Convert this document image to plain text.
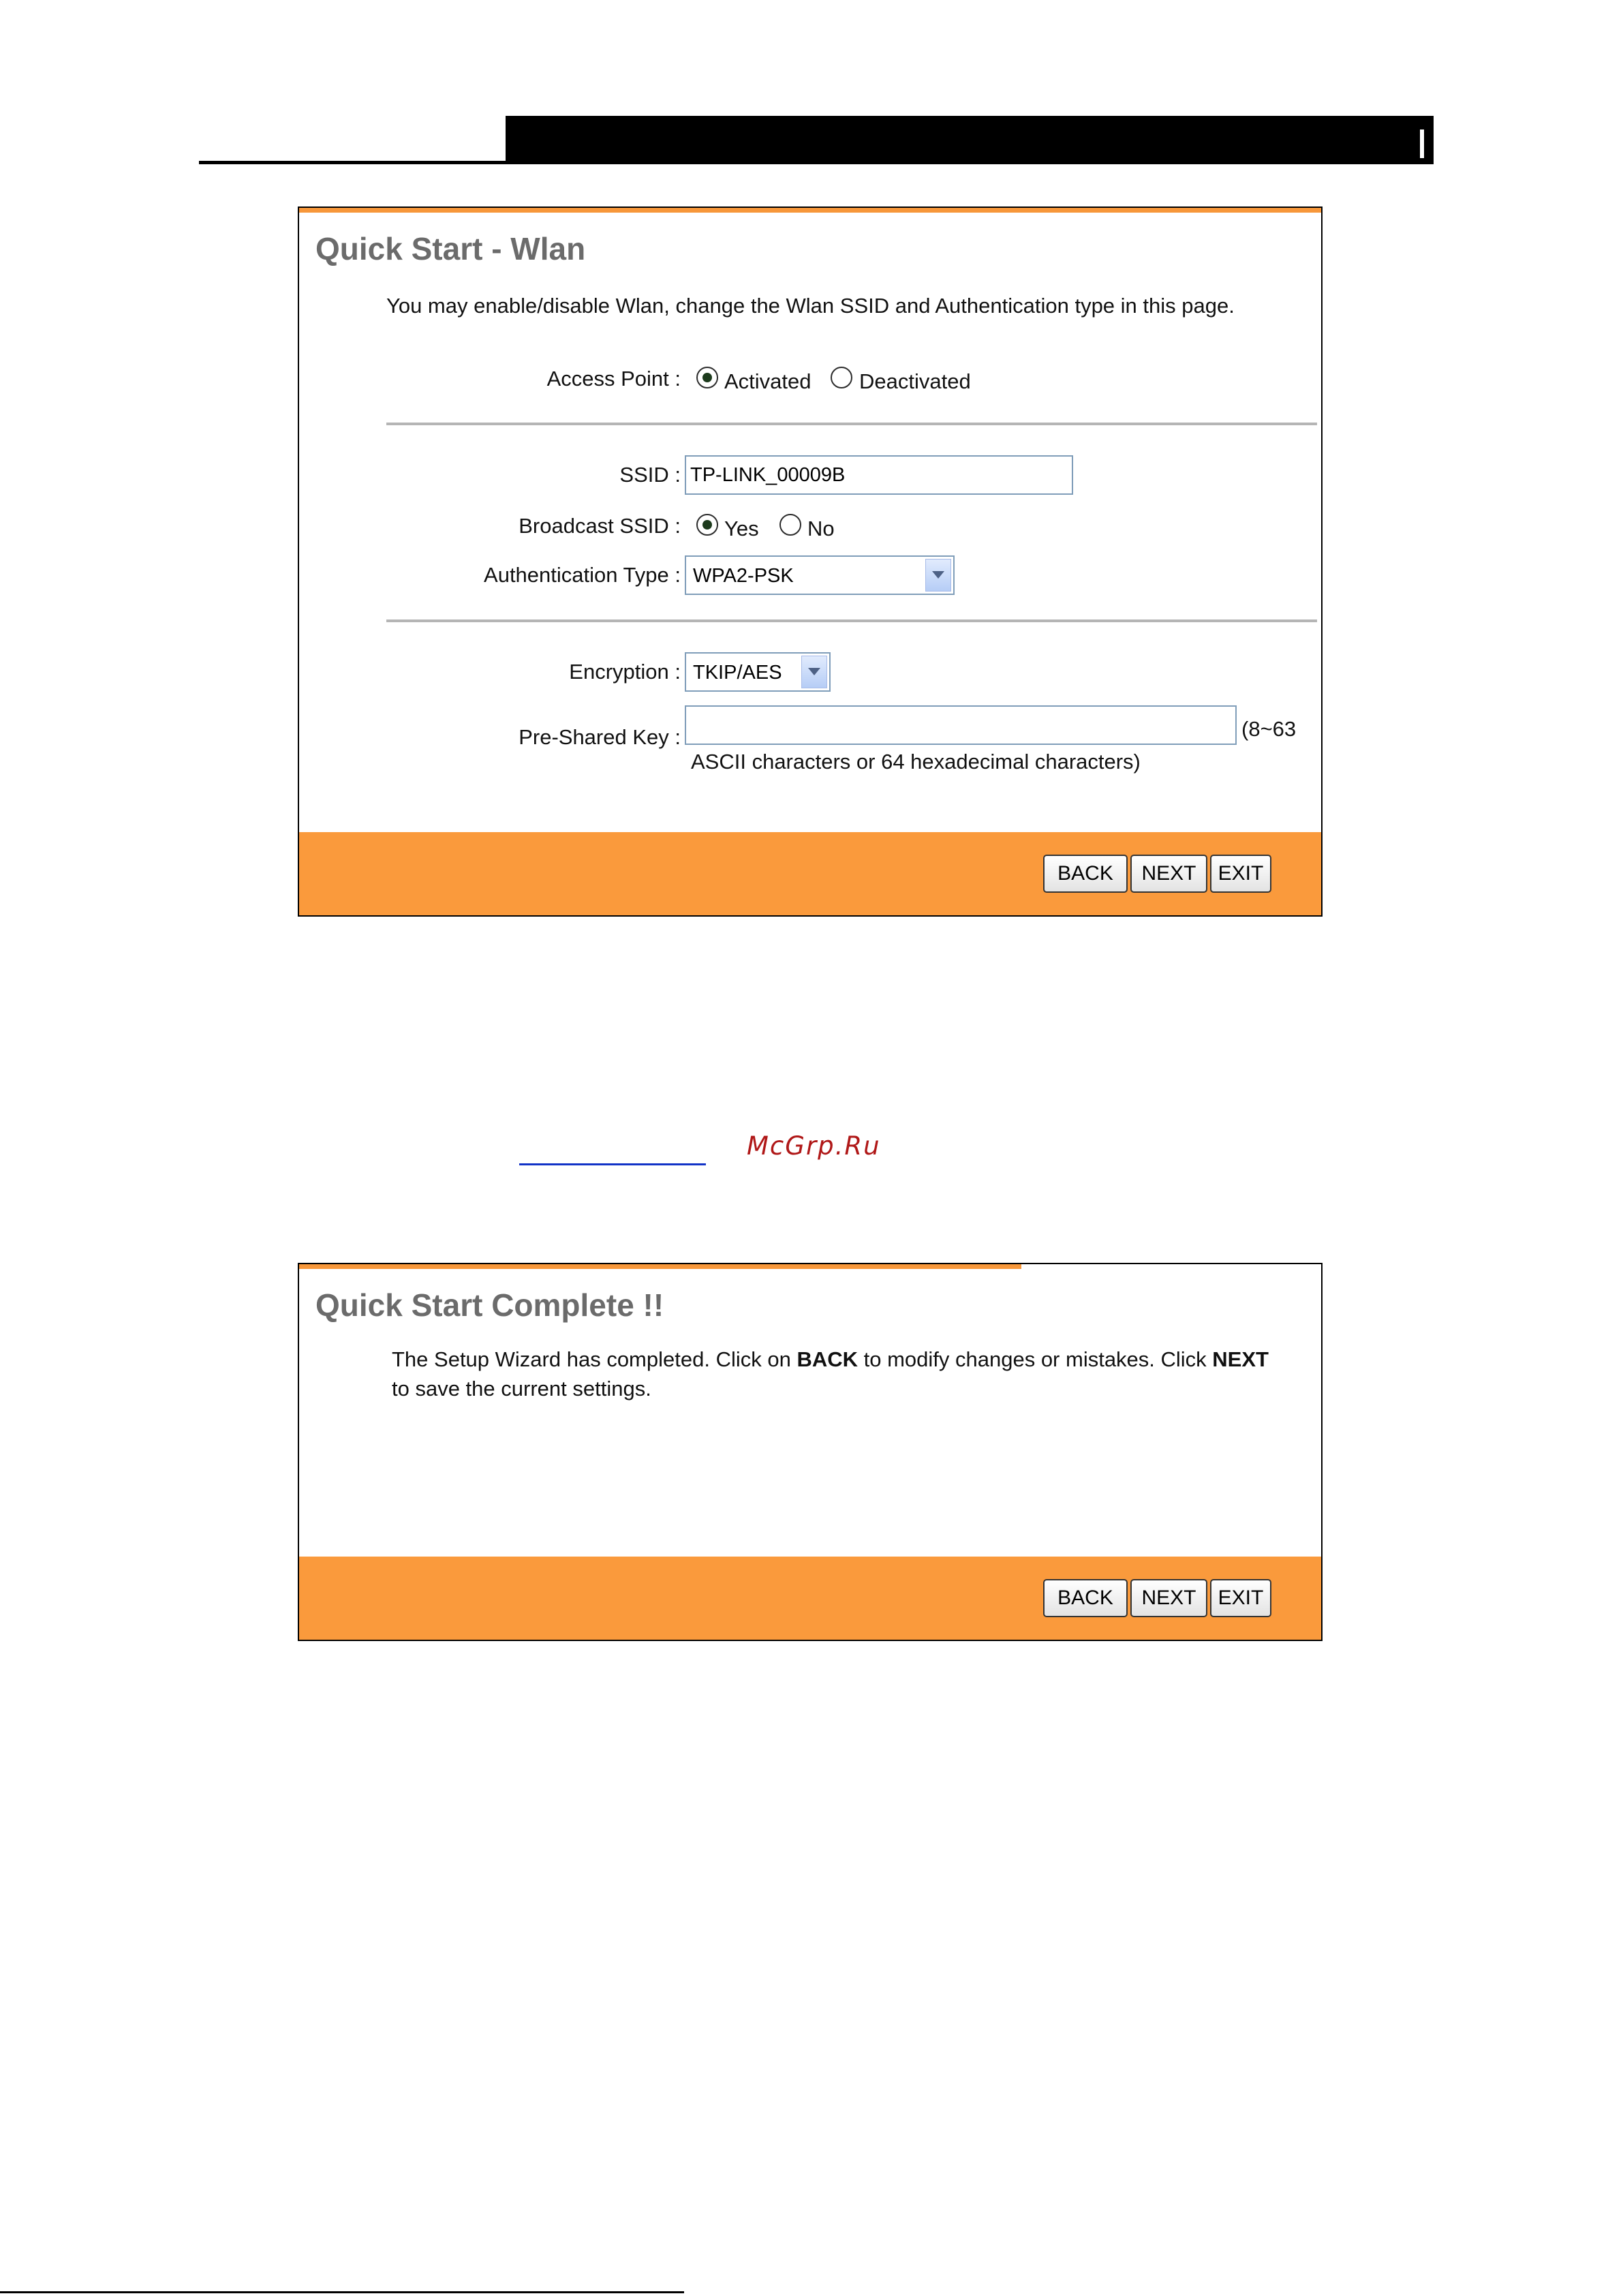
Quick Start - Wlan
You may enable/disable Wlan, change the Wlan SSID and Authentication type in this page.
Access Point : Activated Deactivated
SSID :
TP-LINK_00009B
Broadcast SSID : Yes No
Authentication Type : WPA2-PSK
Encryption : TKIP/AES
Pre-Shared Key :	(8~63
ASCII characters or 64 hexadecimal characters)
BACK	NEXT	EXIT
McGrp.Ru
Quick Start Complete !!
The Setup Wizard has completed. Click on BACK to modify changes or mistakes. Click NEXT
to save the current settings.
BACK	NEXT	EXIT
